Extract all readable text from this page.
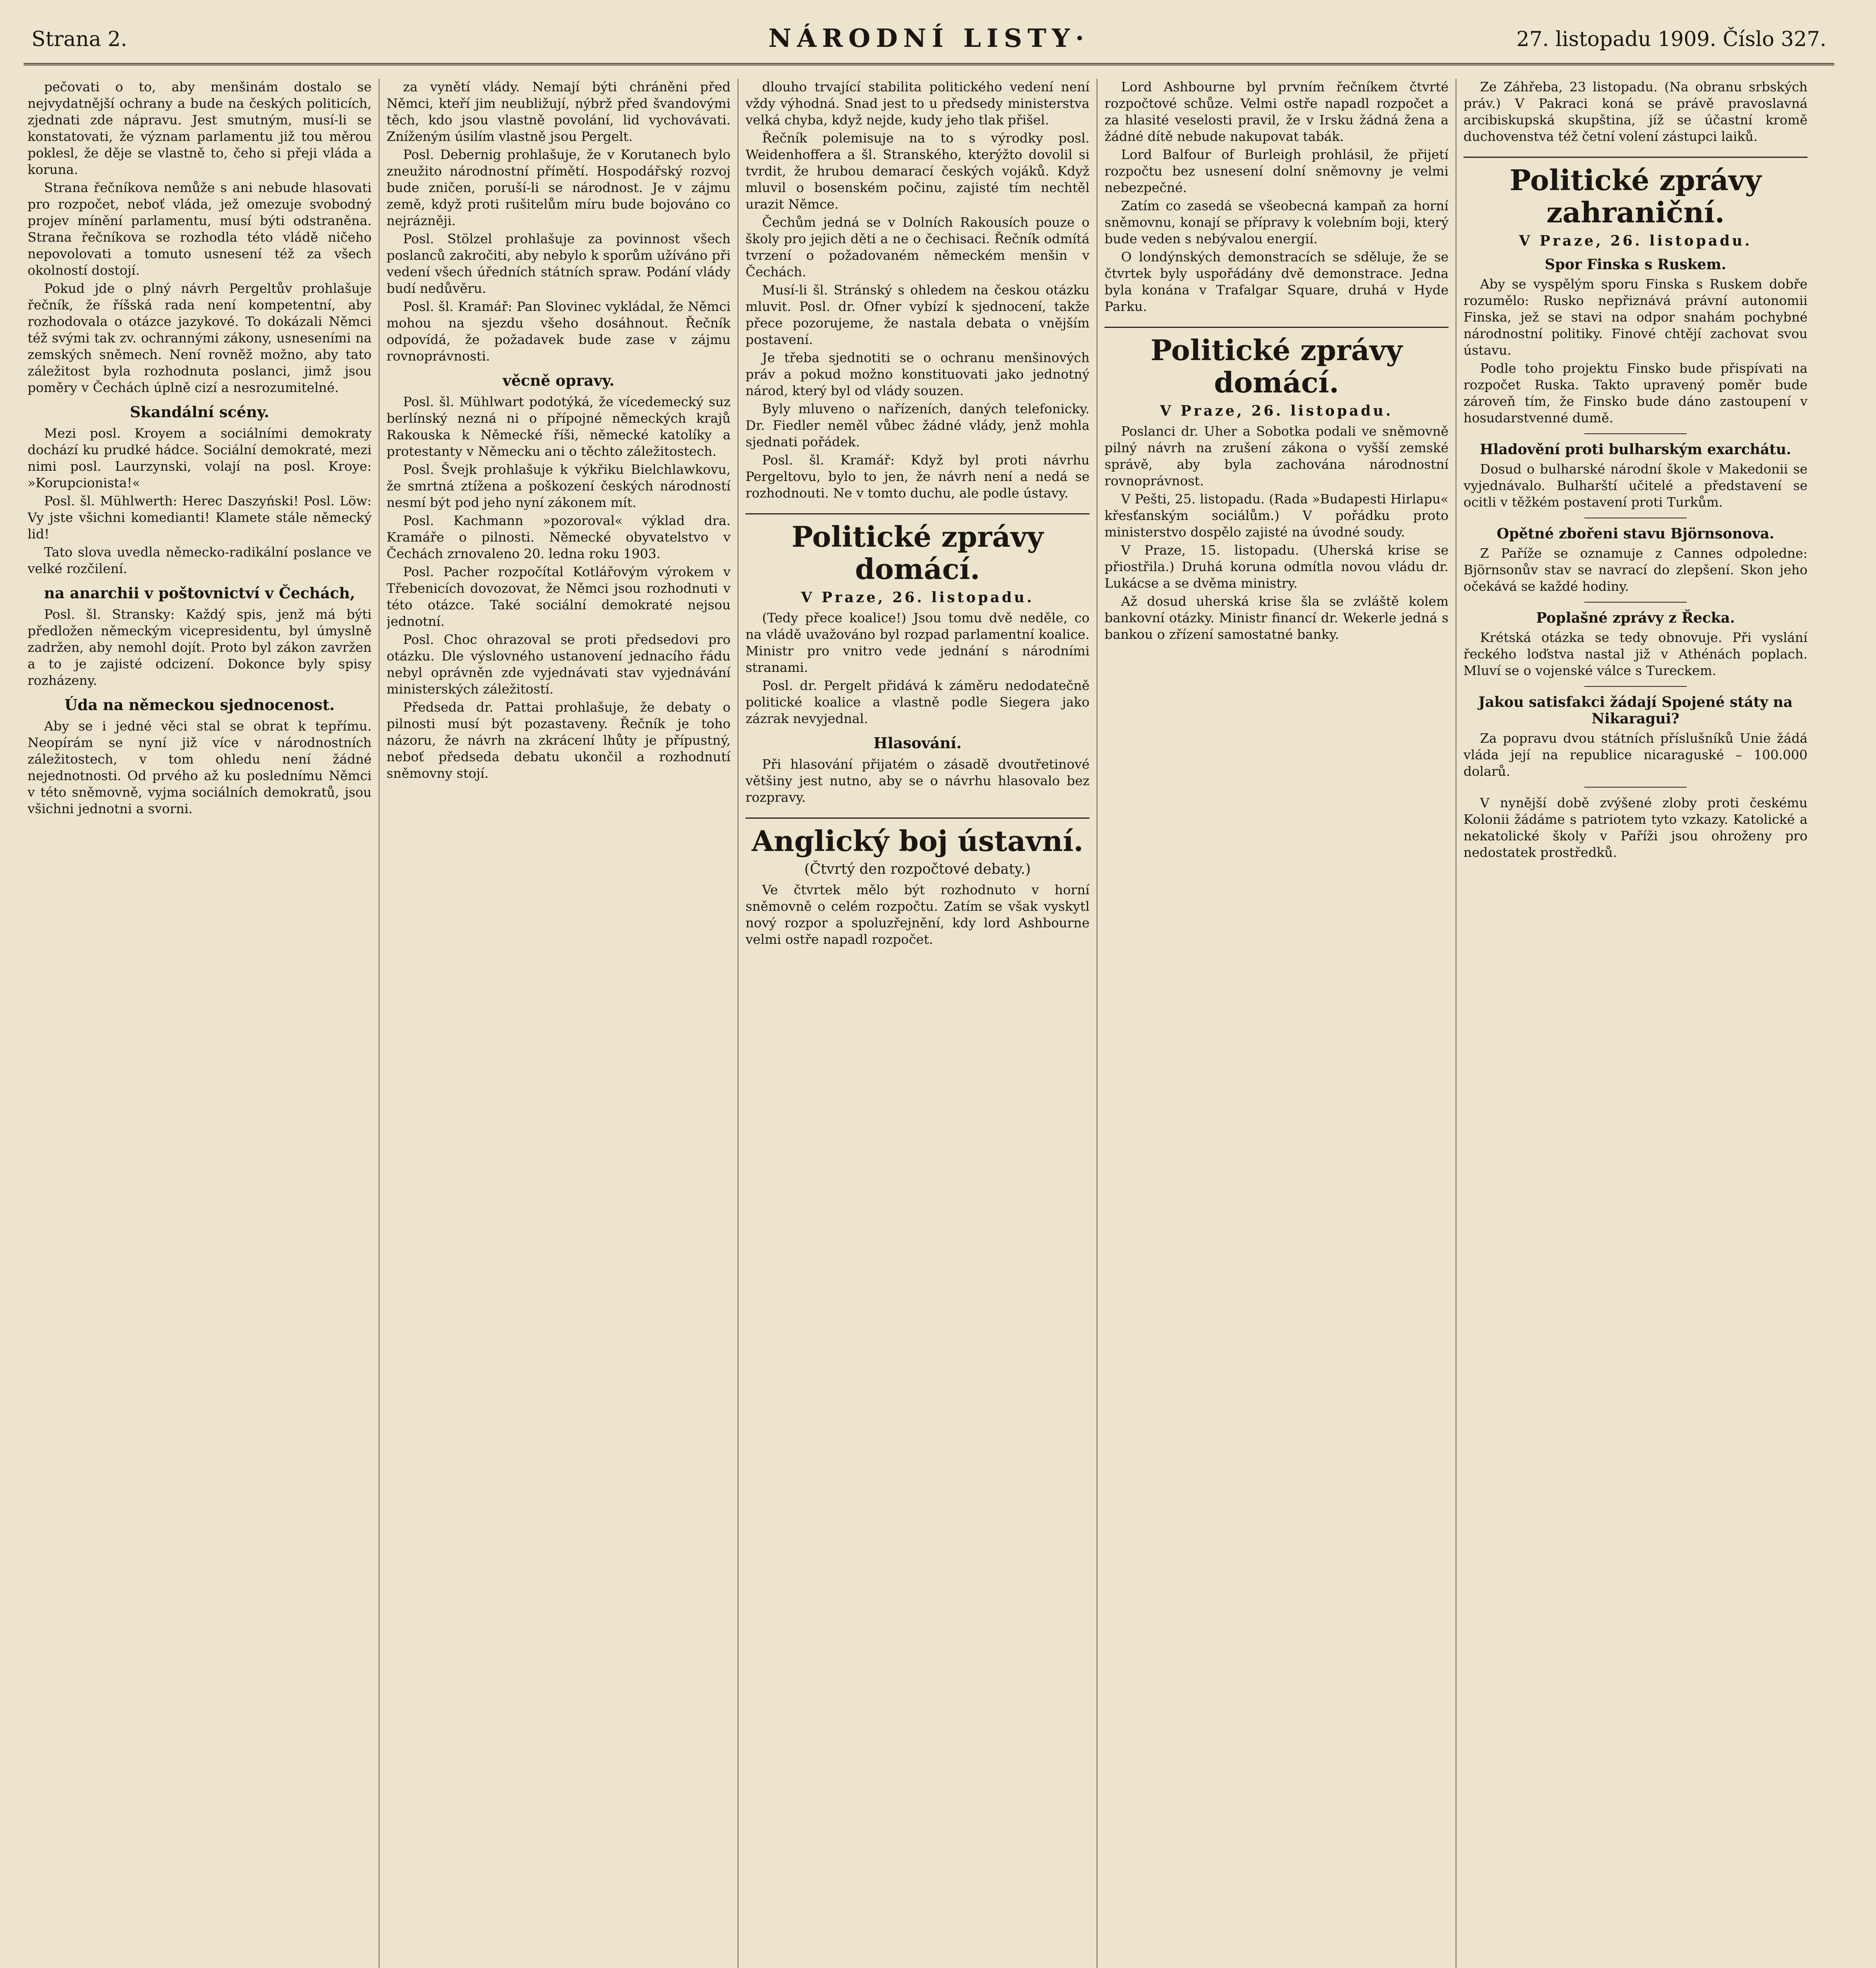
Strana 2.	NÁRODNÍ LISTY·	27. listopadu 1909. Číslo 327.

pečovati o to, aby menšinám dostalo se nejvydatnější ochrany a bude na českých politicích, zjednati zde nápravu. Jest smutným, musí-li se konstatovati, že význam parlamentu již tou měrou poklesl, že děje se vlastně to, čeho si přeji vláda a koruna.

Strana řečníkova nemůže s ani nebude hlasovati pro rozpočet, neboť vláda, jež omezuje svobodný projev mínění parlamentu, musí býti odstraněna. Strana řečníkova se rozhodla této vládě ničeho nepovolovati a tomuto usnesení též za všech okolností dostojí.

Pokud jde o plný návrh Pergeltův prohlašuje řečník, že říšská rada není kompetentní, aby rozhodovala o otázce jazykové. To dokázali Němci též svými tak zv. ochrannými zákony, usneseními na zemských sněmech. Není rovněž možno, aby tato záležitost byla rozhodnuta poslanci, jimž jsou poměry v Čechách úplně cizí a nesrozumitelné.

Skandální scény.

Mezi posl. Kroyem a sociálními demokraty dochází ku prudké hádce. Sociální demokraté, mezi nimi posl. Laurzynski, volají na posl. Kroye: »Korupcionista!«

Posl. šl. Mühlwerth: Herec Daszyński! Posl. Löw: Vy jste všichni komedianti! Klamete stále německý lid!

Tato slova uvedla německo-radikální poslance ve velké rozčilení.

na anarchii v poštovnictví v Čechách,

Posl. šl. Stransky: Každý spis, jenž má býti předložen německým vicepresidentu, byl úmyslně zadržen, aby nemohl dojít. Proto byl zákon zavržen a to je zajisté odcizení. Dokonce byly spisy rozházeny.

Úda na německou sjednocenost.

Aby se i jedné věci stal se obrat k tepřímu. Neopírám se nyní již více v národnostních záležitostech, v tom ohledu není žádné nejednotnosti. Od prvého až ku poslednímu Němci v této sněmovně, vyjma sociálních demokratů, jsou všichni jednotni a svorni.

za vynětí vlády. Nemají býti chráněni před Němci, kteří jim neubližují, nýbrž před švandovými těch, kdo jsou vlastně povolání, lid vychovávati. Zníženým úsilím vlastně jsou Pergelt.

Posl. Debernig prohlašuje, že v Korutanech bylo zneužito národnostní přímětí. Hospodářský rozvoj bude zničen, poruší-li se národnost. Je v zájmu země, když proti rušitelům míru bude bojováno co nejrázněji.

Posl. Stölzel prohlašuje za povinnost všech poslanců zakročiti, aby nebylo k sporům užíváno při vedení všech úředních státních spraw. Podání vlády budí nedůvěru.

Posl. šl. Kramář: Pan Slovinec vykládal, že Němci mohou na sjezdu všeho dosáhnout. Řečník odpovídá, že požadavek bude zase v zájmu rovnoprávnosti.

věcně opravy.

Posl. šl. Mühlwart podotýká, že vícedemecký suz berlínský nezná ni o přípojné německých krajů Rakouska k Německé říši, německé katolíky a protestanty v Německu ani o těchto záležitostech.

Posl. Švejk prohlašuje k výkřiku Bielchlawkovu, že smrtná ztížena a poškození českých národností nesmí být pod jeho nyní zákonem mít.

Posl. Kachmann »pozoroval« výklad dra. Kramáře o pilnosti. Německé obyvatelstvo v Čechách zrnovaleno 20. ledna roku 1903.

Posl. Pacher rozpočítal Kotlářovým výrokem v Třebenicích dovozovat, že Němci jsou rozhodnuti v této otázce. Také sociální demokraté nejsou jednotní.

Posl. Choc ohrazoval se proti předsedovi pro otázku. Dle výslovného ustanovení jednacího řádu nebyl oprávněn zde vyjednávati stav vyjednávání ministerských záležitostí.

Předseda dr. Pattai prohlašuje, že debaty o pilnosti musí být pozastaveny. Řečník je toho názoru, že návrh na zkrácení lhůty je přípustný, neboť předseda debatu ukončil a rozhodnutí sněmovny stojí.

dlouho trvající stabilita politického vedení není vždy výhodná. Snad jest to u předsedy ministerstva velká chyba, když nejde, kudy jeho tlak přišel.

Řečník polemisuje na to s výrodky posl. Weidenhoffera a šl. Stranského, kterýžto dovolil si tvrdit, že hrubou demarací českých vojáků. Když mluvil o bosenském počinu, zajisté tím nechtěl urazit Němce.

Čechům jedná se v Dolních Rakousích pouze o školy pro jejich děti a ne o čechisaci. Řečník odmítá tvrzení o požadovaném německém menšin v Čechách.

Musí-li šl. Stránský s ohledem na českou otázku mluvit. Posl. dr. Ofner vybízí k sjednocení, takže přece pozorujeme, že nastala debata o vnějším postavení.

Je třeba sjednotiti se o ochranu menšinových práv a pokud možno konstituovati jako jednotný národ, který byl od vlády souzen.

Byly mluveno o nařízeních, daných telefonicky. Dr. Fiedler neměl vůbec žádné vlády, jenž mohla sjednati pořádek.

Posl. šl. Kramář: Když byl proti návrhu Pergeltovu, bylo to jen, že návrh není a nedá se rozhodnouti. Ne v tomto duchu, ale podle ústavy.

Politické zprávy domácí.
V Praze, 26. listopadu.

(Tedy přece koalice!) Jsou tomu dvě neděle, co na vládě uvažováno byl rozpad parlamentní koalice. Ministr pro vnitro vede jednání s národními stranami.

Posl. dr. Pergelt přidává k záměru nedodatečně politické koalice a vlastně podle Siegera jako zázrak nevyjednal.

Hlasování.

Při hlasování přijatém o zásadě dvoutřetinové většiny jest nutno, aby se o návrhu hlasovalo bez rozpravy.

Anglický boj ústavní.
(Čtvrtý den rozpočtové debaty.)

Ve čtvrtek mělo být rozhodnuto v horní sněmovně o celém rozpočtu. Zatím se však vyskytl nový rozpor a spoluzřejnění, kdy lord Ashbourne velmi ostře napadl rozpočet.

Lord Ashbourne byl prvním řečníkem čtvrté rozpočtové schůze. Velmi ostře napadl rozpočet a za hlasité veselosti pravil, že v Irsku žádná žena a žádné dítě nebude nakupovat tabák.

Lord Balfour of Burleigh prohlásil, že přijetí rozpočtu bez usnesení dolní sněmovny je velmi nebezpečné.

Zatím co zasedá se všeobecná kampaň za horní sněmovnu, konají se přípravy k volebním boji, který bude veden s nebývalou energií.

O londýnských demonstracích se sděluje, že se čtvrtek byly uspořádány dvě demonstrace. Jedna byla konána v Trafalgar Square, druhá v Hyde Parku.

Politické zprávy domácí.
V Praze, 26. listopadu.

Poslanci dr. Uher a Sobotka podali ve sněmovně pilný návrh na zrušení zákona o vyšší zemské správě, aby byla zachována národnostní rovnoprávnost.

V Pešti, 25. listopadu. (Rada »Budapesti Hirlapu« křesťanským sociálům.) V pořádku proto ministerstvo dospělo zajisté na úvodné soudy.

V Praze, 15. listopadu. (Uherská krise se přiostřila.) Druhá koruna odmítla novou vládu dr. Lukácse a se dvěma ministry.

Až dosud uherská krise šla se zvláště kolem bankovní otázky. Ministr financí dr. Wekerle jedná s bankou o zřízení samostatné banky.

Ze Záhřeba, 23 listopadu. (Na obranu srbských práv.) V Pakraci koná se právě pravoslavná arcibiskupská skupština, jíž se účastní kromě duchovenstva též četní volení zástupci laiků.

Politické zprávy zahraniční.
V Praze, 26. listopadu.
Spor Finska s Ruskem.

Aby se vyspělým sporu Finska s Ruskem dobře rozumělo: Rusko nepřiznává právní autonomii Finska, jež se stavi na odpor snahám pochybné národnostní politiky. Finové chtějí zachovat svou ústavu.

Podle toho projektu Finsko bude přispívati na rozpočet Ruska. Takto upravený poměr bude zároveň tím, že Finsko bude dáno zastoupení v hosudarstvenné dumě.

Hladovění proti bulharským exarchátu.

Dosud o bulharské národní škole v Makedonii se vyjednávalo. Bulharští učitelé a představení se ocitli v těžkém postavení proti Turkům.

Opětné zbořeni stavu Björnsonova.

Z Paříže se oznamuje z Cannes odpoledne: Björnsonův stav se navrací do zlepšení. Skon jeho očekává se každé hodiny.

Poplašné zprávy z Řecka.

Krétská otázka se tedy obnovuje. Při vyslání řeckého loďstva nastal již v Athénách poplach. Mluví se o vojenské válce s Tureckem.

Jakou satisfakci žádají Spojené státy na Nikaragui?

Za popravu dvou státních příslušníků Unie žádá vláda její na republice nicaraguské – 100.000 dolarů.

V nynější době zvýšené zloby proti českému Kolonii žádáme s patriotem tyto vzkazy. Katolické a nekatolické školy v Paříži jsou ohroženy pro nedostatek prostředků.
